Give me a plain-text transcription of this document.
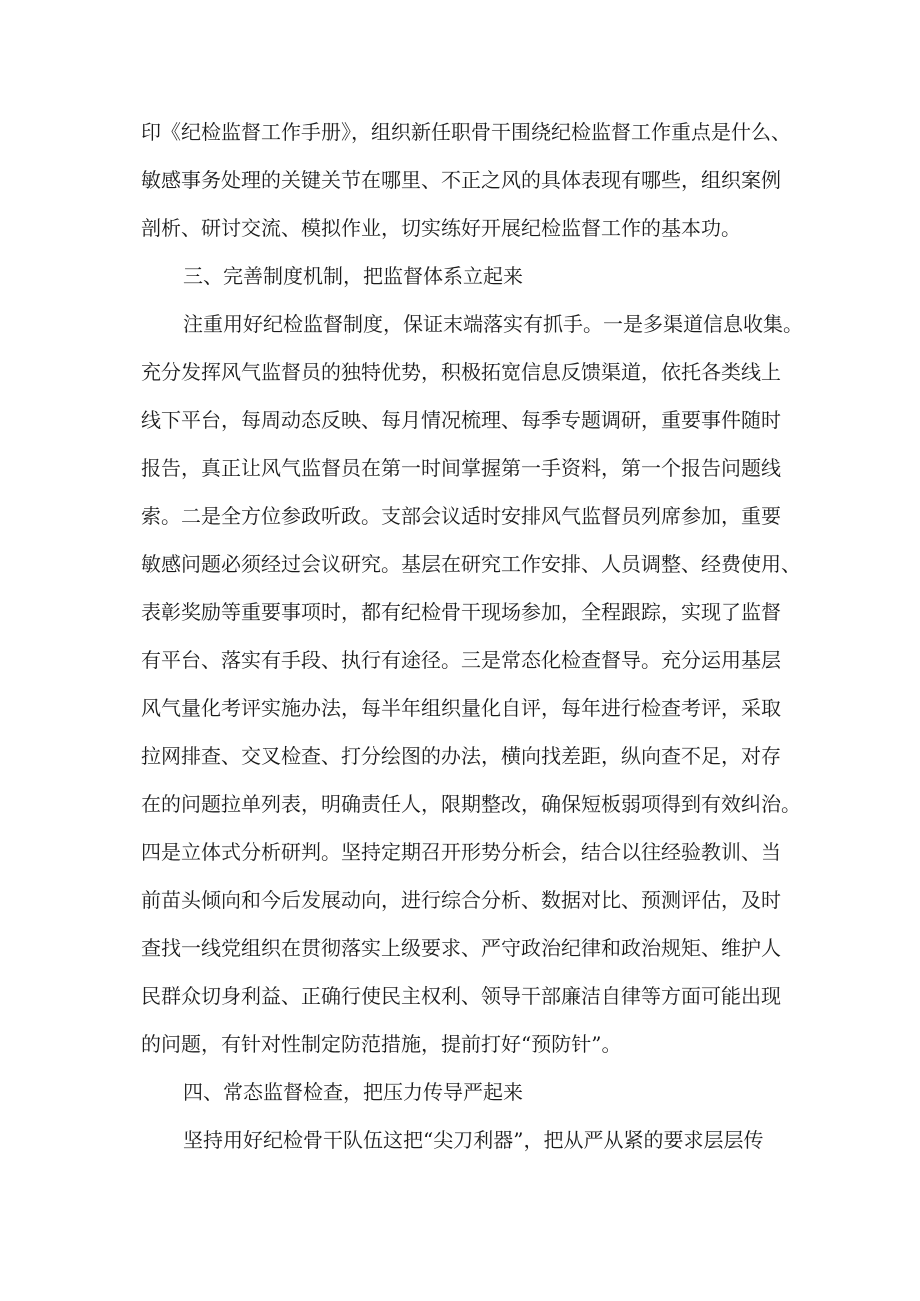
印《纪检监督工作手册》，组织新任职骨干围绕纪检监督工作重点是什么、

敏感事务处理的关键关节在哪里、不正之风的具体表现有哪些，组织案例

剖析、研讨交流、模拟作业，切实练好开展纪检监督工作的基本功。

三、完善制度机制，把监督体系立起来

注重用好纪检监督制度，保证末端落实有抓手。一是多渠道信息收集。

充分发挥风气监督员的独特优势，积极拓宽信息反馈渠道，依托各类线上

线下平台，每周动态反映、每月情况梳理、每季专题调研，重要事件随时

报告，真正让风气监督员在第一时间掌握第一手资料，第一个报告问题线

索。二是全方位参政听政。支部会议适时安排风气监督员列席参加，重要

敏感问题必须经过会议研究。基层在研究工作安排、人员调整、经费使用、

表彰奖励等重要事项时，都有纪检骨干现场参加，全程跟踪，实现了监督

有平台、落实有手段、执行有途径。三是常态化检查督导。充分运用基层

风气量化考评实施办法，每半年组织量化自评，每年进行检查考评，采取

拉网排查、交叉检查、打分绘图的办法，横向找差距，纵向查不足，对存

在的问题拉单列表，明确责任人，限期整改，确保短板弱项得到有效纠治。

四是立体式分析研判。坚持定期召开形势分析会，结合以往经验教训、当

前苗头倾向和今后发展动向，进行综合分析、数据对比、预测评估，及时

查找一线党组织在贯彻落实上级要求、严守政治纪律和政治规矩、维护人

民群众切身利益、正确行使民主权利、领导干部廉洁自律等方面可能出现

的问题，有针对性制定防范措施，提前打好“预防针”。

四、常态监督检查，把压力传导严起来

坚持用好纪检骨干队伍这把“尖刀利器”，把从严从紧的要求层层传
